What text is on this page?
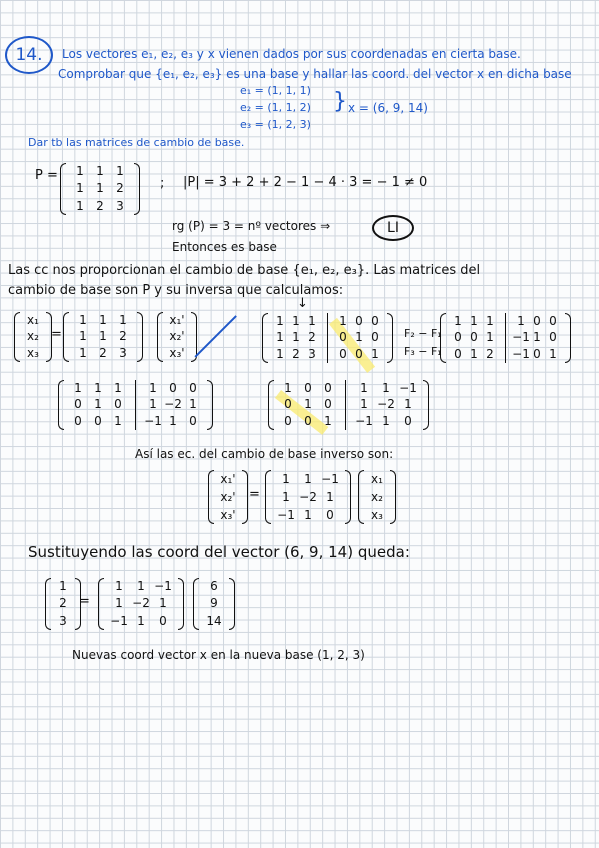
14.	Los vectores e₁, e₂, e₃ y x vienen dados por sus coordenadas en cierta base.
Comprobar que {e₁, e₂, e₃} es una base y hallar las coord. del vector x en dicha base
e₁ = (1, 1, 1)
e₂ = (1, 1, 2)
e₃ = (1, 2, 3)
} x = (6, 9, 14)
Dar tb las matrices de cambio de base.
P = 1 1 1
1 1 2
1 2 3
; |P| = 3 + 2 + 2 − 1 − 4 · 3 = − 1 ≠ 0
rg (P) = 3 = nº vectores ⇒	LI
Entonces es base
Las cc nos proporcionan el cambio de base {e₁, e₂, e₃}. Las matrices del
cambio de base son P y su inversa que calculamos:
x₁
x₂
x₃
=
1 1 1
1 1 2
1 2 3
x₁'
x₂'
x₃'
↓
1 1 1
1 1 2
1 2 3
1 0 0
0 1 0
0 0 1
F₂ − F₁
F₃ − F₁
1 1 1
0 0 1
0 1 2
1 0 0
−1 1 0
−1 0 1
1 1 1
0 1 0
0 0 1
1 0 0
1 −2 1
−1 1 0
1 0 0
0 1 0
0 0 1
1 1 −1
1 −2 1
−1 1 0
Así las ec. del cambio de base inverso son:
x₁'
x₂'
x₃'
=
1 1 −1
1 −2 1
−1 1 0
x₁
x₂
x₃
Sustituyendo las coord del vector (6, 9, 14) queda:
1
2
3
=
1 1 −1
1 −2 1
−1 1 0
6
9
14
Nuevas coord vector x en la nueva base (1, 2, 3)
